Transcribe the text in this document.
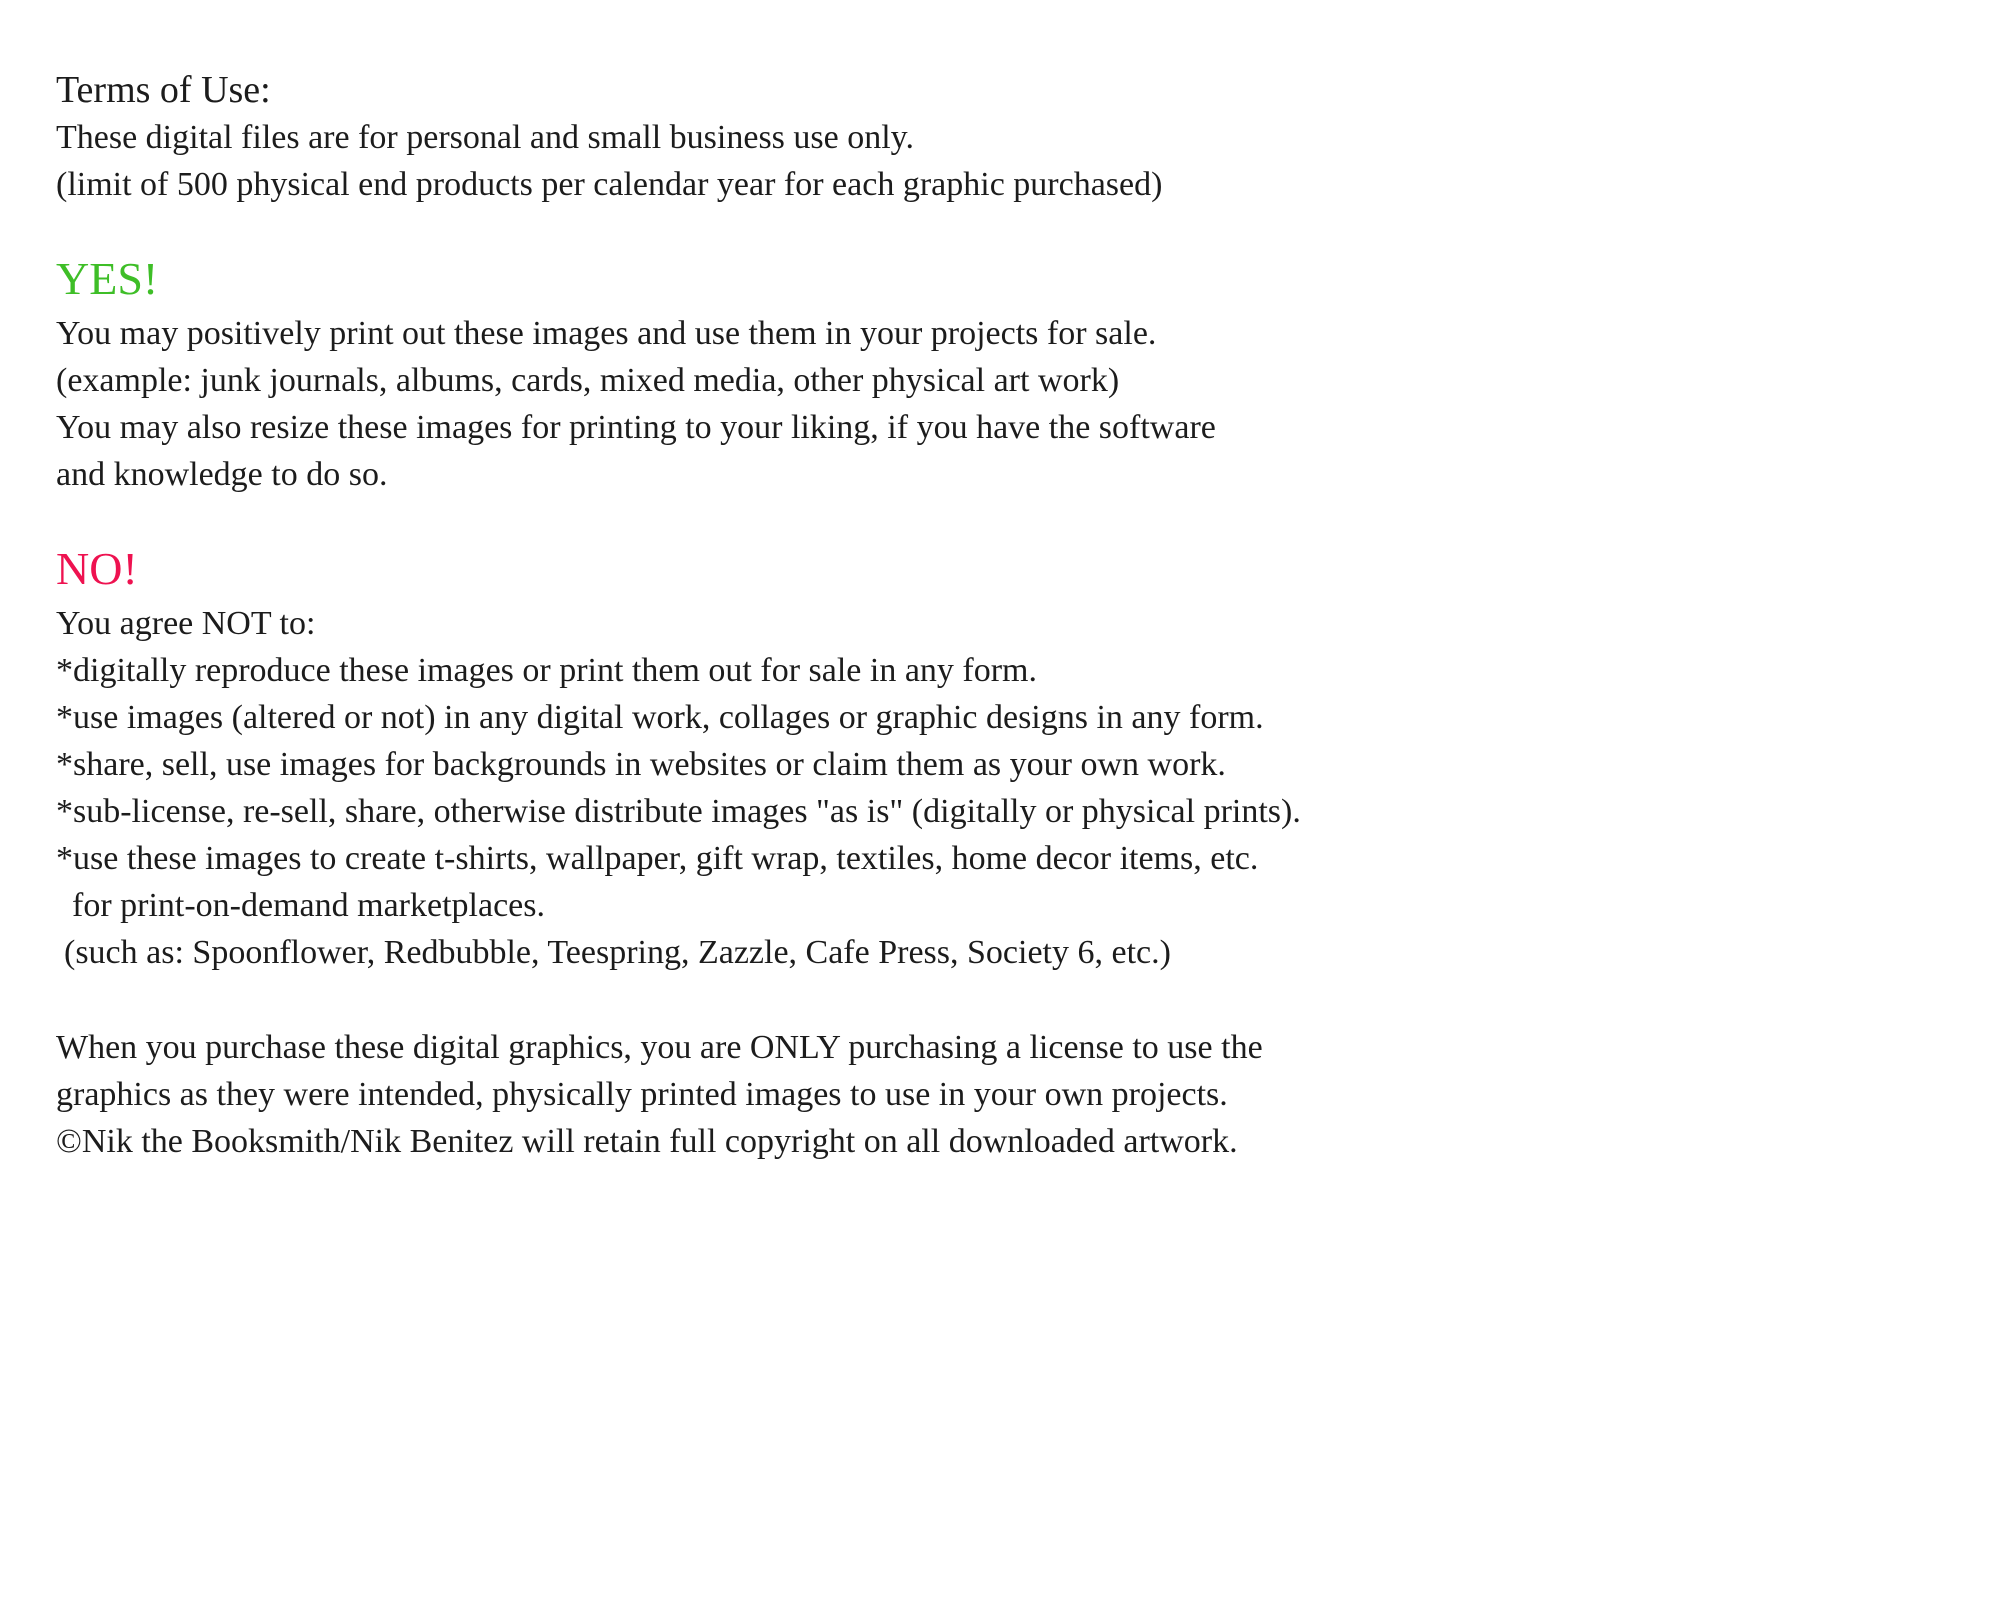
Terms of Use:
These digital files are for personal and small business use only.
(limit of 500 physical end products per calendar year for each graphic purchased)
YES!
You may positively print out these images and use them in your projects for sale.
(example: junk journals, albums, cards, mixed media, other physical art work)
You may also resize these images for printing to your liking, if you have the software
and knowledge to do so.
NO!
You agree NOT to:
*digitally reproduce these images or print them out for sale in any form.
*use images (altered or not) in any digital work, collages or graphic designs in any form.
*share, sell, use images for backgrounds in websites or claim them as your own work.
*sub-license, re-sell, share, otherwise distribute images "as is" (digitally or physical prints).
*use these images to create t-shirts, wallpaper, gift wrap, textiles, home decor items, etc.
for print-on-demand marketplaces.
(such as: Spoonflower, Redbubble, Teespring, Zazzle, Cafe Press, Society 6, etc.)
When you purchase these digital graphics, you are ONLY purchasing a license to use the
graphics as they were intended, physically printed images to use in your own projects.
©Nik the Booksmith/Nik Benitez will retain full copyright on all downloaded artwork.
